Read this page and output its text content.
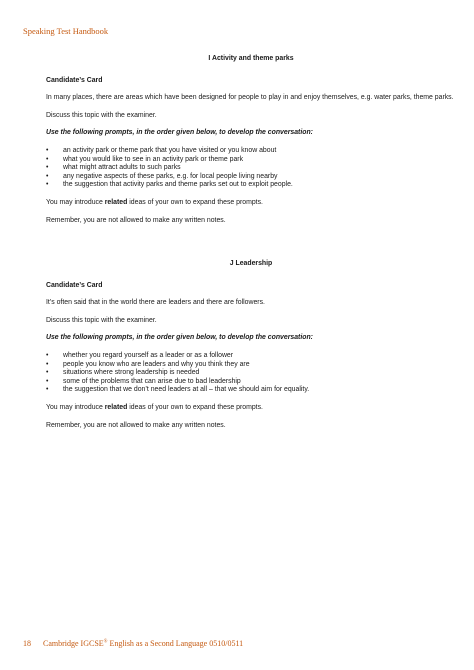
Speaking Test Handbook
I Activity and theme parks
Candidate’s Card
In many places, there are areas which have been designed for people to play in and enjoy themselves, e.g. water parks, theme parks.
Discuss this topic with the examiner.
Use the following prompts, in the order given below, to develop the conversation:
• an activity park or theme park that you have visited or you know about
• what you would like to see in an activity park or theme park
• what might attract adults to such parks
• any negative aspects of these parks, e.g. for local people living nearby
• the suggestion that activity parks and theme parks set out to exploit people.
You may introduce related ideas of your own to expand these prompts.
Remember, you are not allowed to make any written notes.
J Leadership
Candidate’s Card
It’s often said that in the world there are leaders and there are followers.
Discuss this topic with the examiner.
Use the following prompts, in the order given below, to develop the conversation:
• whether you regard yourself as a leader or as a follower
• people you know who are leaders and why you think they are
• situations where strong leadership is needed
• some of the problems that can arise due to bad leadership
• the suggestion that we don’t need leaders at all – that we should aim for equality.
You may introduce related ideas of your own to expand these prompts.
Remember, you are not allowed to make any written notes.
18 Cambridge IGCSE® English as a Second Language 0510/0511
